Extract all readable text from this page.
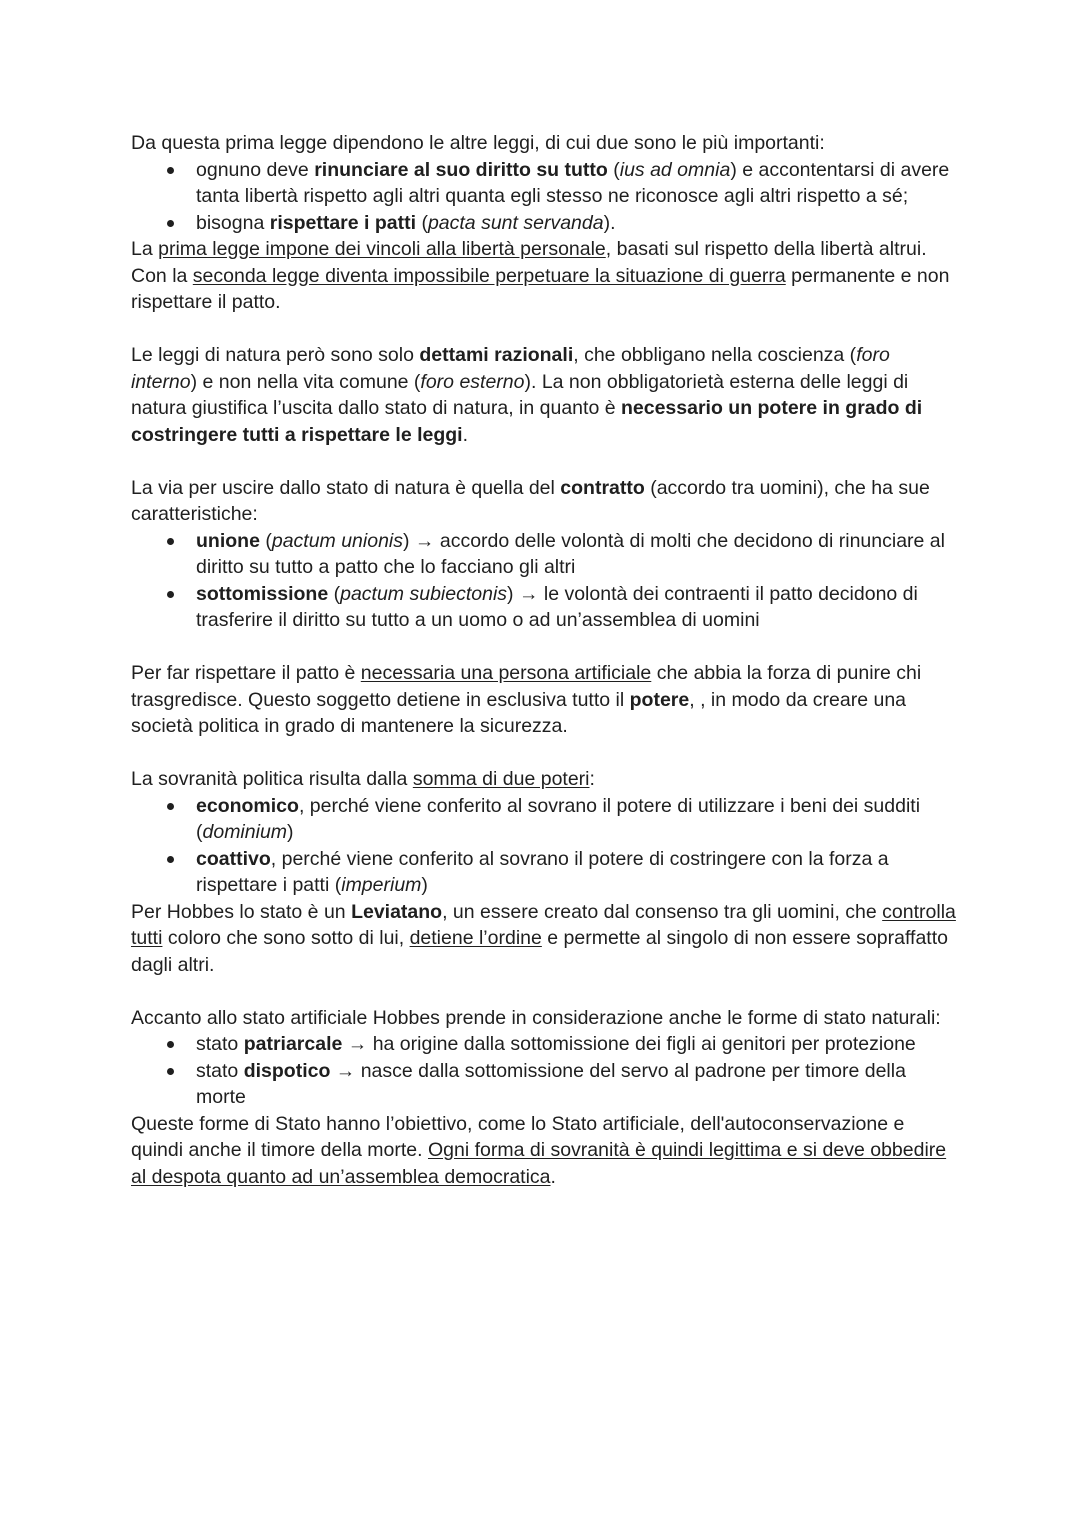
Da questa prima legge dipendono le altre leggi, di cui due sono le più importanti:

ognuno deve rinunciare al suo diritto su tutto (ius ad omnia) e accontentarsi di avere tanta libertà rispetto agli altri quanta egli stesso ne riconosce agli altri rispetto a sé;
bisogna rispettare i patti (pacta sunt servanda).

La prima legge impone dei vincoli alla libertà personale, basati sul rispetto della libertà altrui.

Con la seconda legge diventa impossibile perpetuare la situazione di guerra permanente e non rispettare il patto.

Le leggi di natura però sono solo dettami razionali, che obbligano nella coscienza (foro interno) e non nella vita comune (foro esterno). La non obbligatorietà esterna delle leggi di natura giustifica l’uscita dallo stato di natura, in quanto è necessario un potere in grado di costringere tutti a rispettare le leggi.

La via per uscire dallo stato di natura è quella del contratto (accordo tra uomini), che ha sue caratteristiche:

unione (pactum unionis) → accordo delle volontà di molti che decidono di rinunciare al diritto su tutto a patto che lo facciano gli altri
sottomissione (pactum subiectonis) → le volontà dei contraenti il patto decidono di trasferire il diritto su tutto a un uomo o ad un’assemblea di uomini

Per far rispettare il patto è necessaria una persona artificiale che abbia la forza di punire chi trasgredisce. Questo soggetto detiene in esclusiva tutto il potere, , in modo da creare una società politica in grado di mantenere la sicurezza.

La sovranità politica risulta dalla somma di due poteri:

economico, perché viene conferito al sovrano il potere di utilizzare i beni dei sudditi (dominium)
coattivo, perché viene conferito al sovrano il potere di costringere con la forza a rispettare i patti (imperium)

Per Hobbes lo stato è un Leviatano, un essere creato dal consenso tra gli uomini, che controlla tutti coloro che sono sotto di lui, detiene l’ordine e permette al singolo di non essere sopraffatto dagli altri.

Accanto allo stato artificiale Hobbes prende in considerazione anche le forme di stato naturali:

stato patriarcale → ha origine dalla sottomissione dei figli ai genitori per protezione
stato dispotico → nasce dalla sottomissione del servo al padrone per timore della morte

Queste forme di Stato hanno l’obiettivo, come lo Stato artificiale, dell'autoconservazione e quindi anche il timore della morte. Ogni forma di sovranità è quindi legittima e si deve obbedire al despota quanto ad un’assemblea democratica.
